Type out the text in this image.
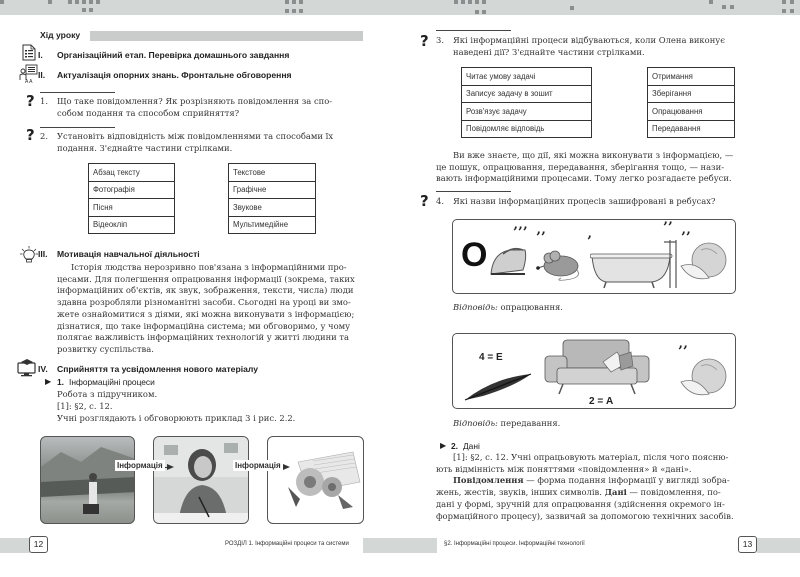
Хід уроку
I. Організаційний етап. Перевірка домашнього завдання
A A
II. Актуалізація опорних знань. Фронтальне обговорення
? 1. Що таке повідомлення? Як розрізняють повідомлення за спо-
собом подання та способом сприйняття?
? 2. Установіть відповідність між повідомленнями та способами їх
подання. З'єднайте частини стрілками.
Абзац тексту
Фотографія
Пісня
Відеокліп
Текстове
Графічне
Звукове
Мультимедійне
III. Мотивація навчальної діяльності
Історія людства нерозривно пов'язана з інформаційними про-
цесами. Для полегшення опрацювання інформації (зокрема, таких
інформаційних об'єктів, як звук, зображення, тексти, числа) люди
здавна розробляли різноманітні засоби. Сьогодні на уроці ви змо-
жете ознайомитися з діями, які можна виконувати з інформацією;
дізнатися, що таке інформаційна система; ми обговоримо, у чому
полягає важливість інформаційних технологій у житті людини та
розвитку суспільства.
IV. Сприйняття та усвідомлення нового матеріалу
▶ 1. Інформаційні процеси
Робота з підручником.
[1]: §2, с. 12.
Учні розглядають і обговорюють приклад 3 і рис. 2.2.
Інформація	Інформація
12	РОЗДІЛ 1. Інформаційні процеси та системи
? 3. Які інформаційні процеси відбуваються, коли Олена виконує
наведені дії? З'єднайте частини стрілками.
Читає умову задачі
Записує задачу в зошит
Розв'язує задачу
Повідомляє відповідь
Отримання
Зберігання
Опрацювання
Передавання
Ви вже знаєте, що дії, які можна виконувати з інформацією, —
це пошук, опрацювання, передавання, зберігання тощо, — нази-
вають інформаційними процесами. Тому легко розгадаєте ребуси.
? 4. Які назви інформаційних процесів зашифровані в ребусах?
О
’’’ ’’	’
’’
’’
Відповідь: опрацювання.
4 = Е
2 = А
’’
Відповідь: передавання.
▶ 2. Дані
[1]: §2, с. 12. Учні опрацьовують матеріал, після чого поясню-
ють відмінність між поняттями «повідомлення» й «дані».
Повідомлення — форма подання інформації у вигляді зобра-
жень, жестів, звуків, інших символів. Дані — повідомлення, по-
дані у формі, зручній для опрацювання (здійснення окремого ін-
формаційного процесу), зазвичай за допомогою технічних засобів.
§2. Інформаційні процеси. Інформаційні технології	13
